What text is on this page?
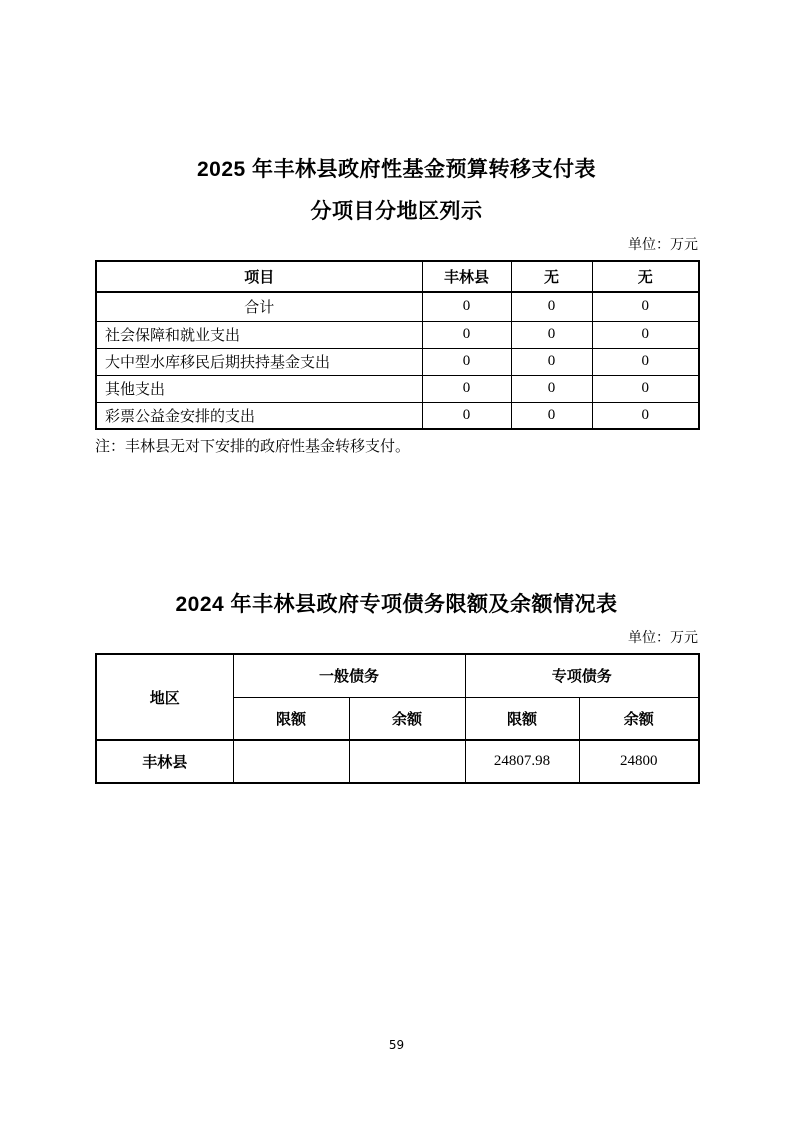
2025 年丰林县政府性基金预算转移支付表
分项目分地区列示
单位：万元
项目	丰林县	无	无
合计	0	0	0
社会保障和就业支出	0	0	0
大中型水库移民后期扶持基金支出	0	0	0
其他支出	0	0	0
彩票公益金安排的支出	0	0	0

注：丰林县无对下安排的政府性基金转移支付。

2024 年丰林县政府专项债务限额及余额情况表
单位：万元
地区	一般债务		专项债务	
	限额	余额	限额	余额
丰林县			24807.98	24800
59
